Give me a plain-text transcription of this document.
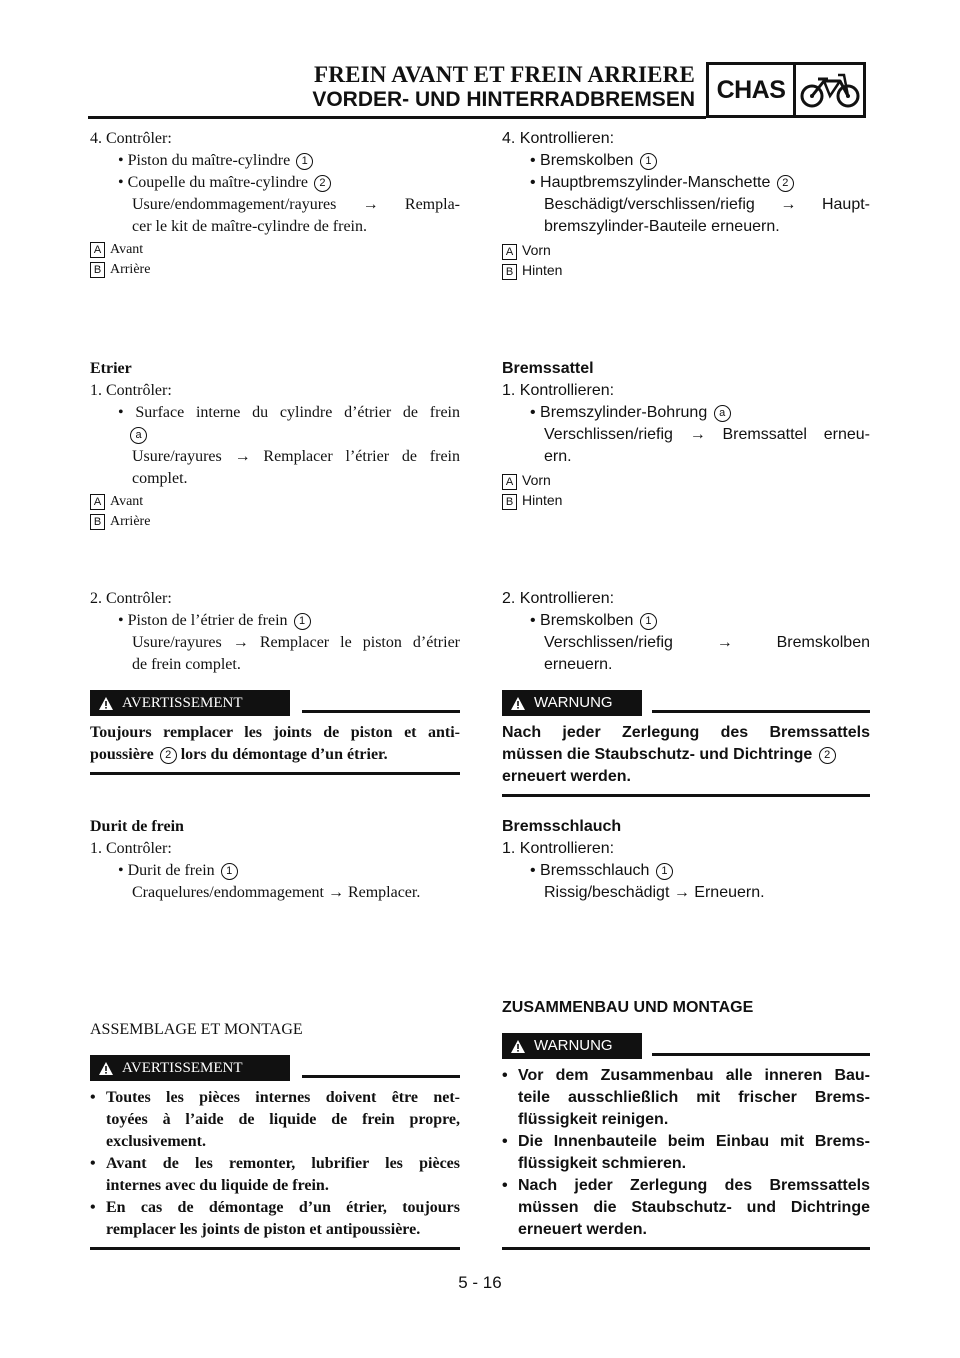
FREIN AVANT ET FREIN ARRIERE
VORDER- UND HINTERRADBREMSEN CHAS
4. Contrôler:
• Piston du maître-cylindre 1
• Coupelle du maître-cylindre 2
Usure/endommagement/rayures → Rempla-
cer le kit de maître-cylindre de frein.
A Avant
B Arrière
Etrier
1. Contrôler:
• Surface interne du cylindre d’étrier de frein
a
Usure/rayures → Remplacer l’étrier de frein
complet.
A Avant
B Arrière
2. Contrôler:
• Piston de l’étrier de frein 1
Usure/rayures → Remplacer le piston d’étrier
de frein complet.
AVERTISSEMENT
Toujours remplacer les joints de piston et anti-
poussière 2 lors du démontage d’un étrier.
Durit de frein
1. Contrôler:
• Durit de frein 1
Craquelures/endommagement → Remplacer.
ASSEMBLAGE ET MONTAGE
AVERTISSEMENT
• Toutes les pièces internes doivent être net-
toyées à l’aide de liquide de frein propre,
exclusivement.
• Avant de les remonter, lubrifier les pièces
internes avec du liquide de frein.
• En cas de démontage d’un étrier, toujours
remplacer les joints de piston et antipoussière.
4. Kontrollieren:
• Bremskolben 1
• Hauptbremszylinder-Manschette 2
Beschädigt/verschlissen/riefig → Haupt-
bremszylinder-Bauteile erneuern.
A Vorn
B Hinten
Bremssattel
1. Kontrollieren:
• Bremszylinder-Bohrung a
Verschlissen/riefig → Bremssattel erneu-
ern.
A Vorn
B Hinten
2. Kontrollieren:
• Bremskolben 1
Verschlissen/riefig → Bremskolben
erneuern.
WARNUNG
Nach jeder Zerlegung des Bremssattels
müssen die Staubschutz- und Dichtringe 2
erneuert werden.
Bremsschlauch
1. Kontrollieren:
• Bremsschlauch 1
Rissig/beschädigt → Erneuern.
ZUSAMMENBAU UND MONTAGE
WARNUNG
• Vor dem Zusammenbau alle inneren Bau-
teile ausschließlich mit frischer Brems-
flüssigkeit reinigen.
• Die Innenbauteile beim Einbau mit Brems-
flüssigkeit schmieren.
• Nach jeder Zerlegung des Bremssattels
müssen die Staubschutz- und Dichtringe
erneuert werden.
5 - 16
